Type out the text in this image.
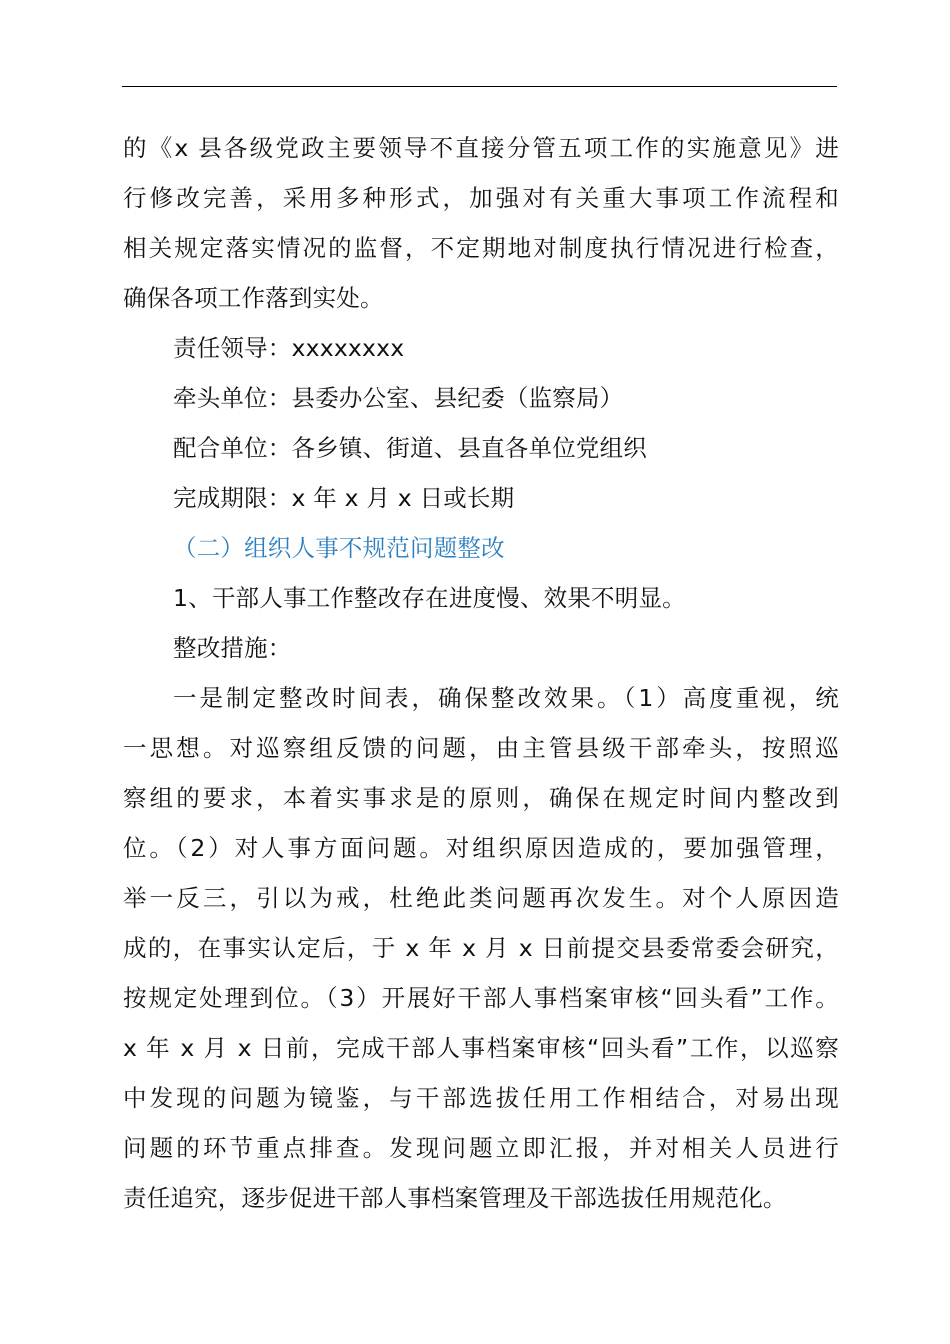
的《x 县各级党政主要领导不直接分管五项工作的实施意见》进
行修改完善，采用多种形式，加强对有关重大事项工作流程和
相关规定落实情况的监督，不定期地对制度执行情况进行检查，
确保各项工作落到实处。
责任领导：xxxxxxxx
牵头单位：县委办公室、县纪委（监察局）
配合单位：各乡镇、街道、县直各单位党组织
完成期限：x 年 x 月 x 日或长期
（二）组织人事不规范问题整改
1、干部人事工作整改存在进度慢、效果不明显。
整改措施：
一是制定整改时间表，确保整改效果。（1）高度重视，统
一思想。对巡察组反馈的问题，由主管县级干部牵头，按照巡
察组的要求，本着实事求是的原则，确保在规定时间内整改到
位。（2）对人事方面问题。对组织原因造成的，要加强管理，
举一反三，引以为戒，杜绝此类问题再次发生。对个人原因造
成的，在事实认定后，于 x 年 x 月 x 日前提交县委常委会研究，
按规定处理到位。（3）开展好干部人事档案审核“回头看”工作。
x 年 x 月 x 日前，完成干部人事档案审核“回头看”工作，以巡察
中发现的问题为镜鉴，与干部选拔任用工作相结合，对易出现
问题的环节重点排查。发现问题立即汇报，并对相关人员进行
责任追究，逐步促进干部人事档案管理及干部选拔任用规范化。
